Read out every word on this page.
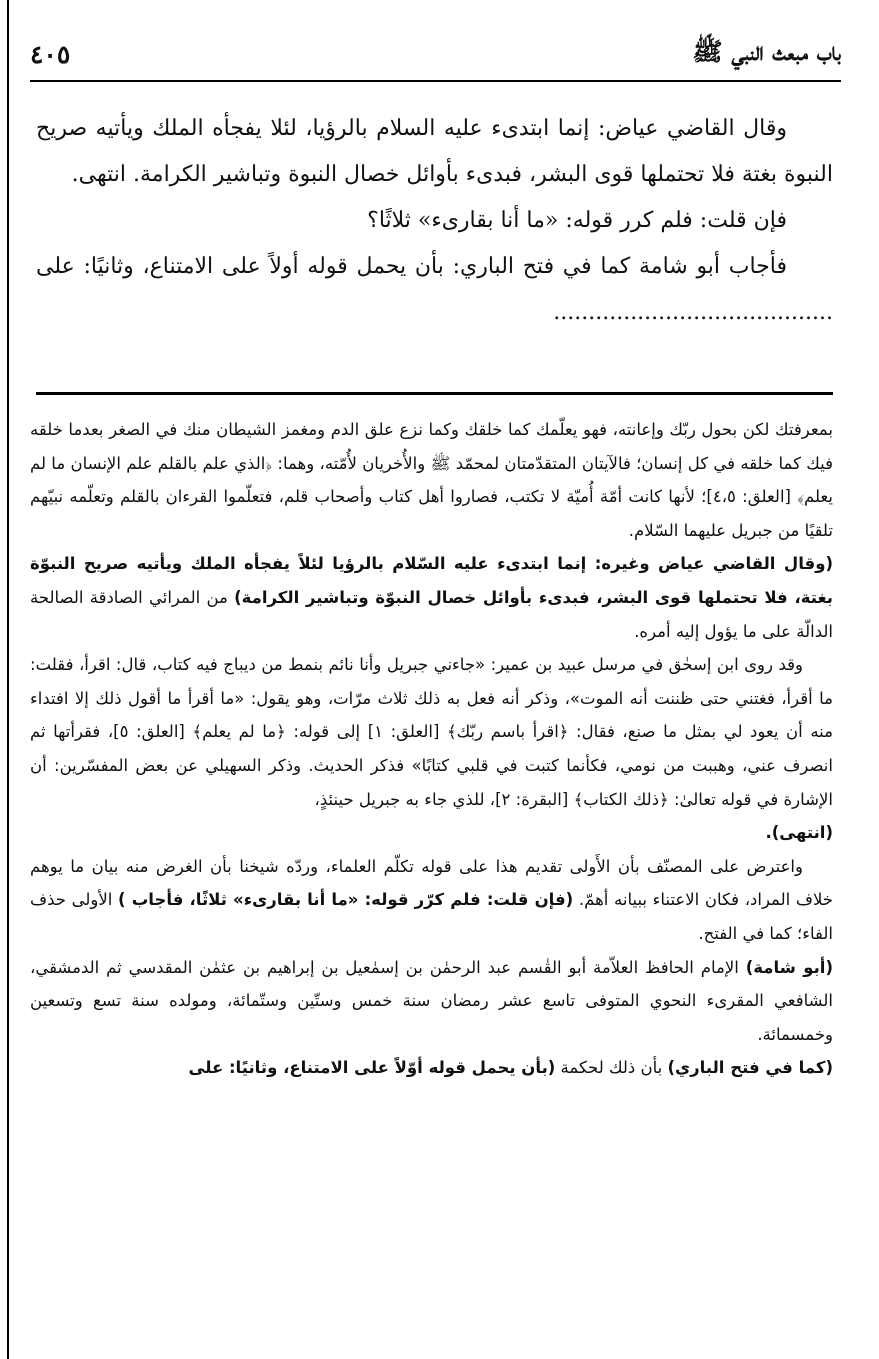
باب مبعث النبي ﷺ
٤٠٥

وقال القاضي عياض: إنما ابتدىء عليه السلام بالرؤيا، لئلا يفجأه الملك ويأتيه صريح النبوة بغتة فلا تحتملها قوى البشر، فبدىء بأوائل خصال النبوة وتباشير الكرامة. انتهى.

فإن قلت: فلم كرر قوله: «ما أنا بقارىء» ثلاثًا؟

فأجاب أبو شامة كما في فتح الباري: بأن يحمل قوله أولاً على الامتناع، وثانيًا: على ........................................

بمعرفتك لكن بحول ربّك وإعانته، فهو يعلّمك كما خلقك وكما نزع علق الدم ومغمز الشيطان منك في الصغر بعدما خلقه فيك كما خلقه في كل إنسان؛ فالآيتان المتقدّمتان لمحمّد ﷺ والأُخريان لأُمّته، وهما: ﴿الذي علم بالقلم علم الإنسان ما لم يعلم﴾ [العلق: ٤،٥]؛ لأنها كانت أمّة أُميّة لا تكتب، فصاروا أهل كتاب وأصحاب قلم، فتعلّموا القرءان بالقلم وتعلّمه نبيّهم تلقيًا من جبريل عليهما السّلام.

(وقال القاضي عياض وغيره: إنما ابتدىء عليه السّلام بالرؤيا لئلاً يفجأه الملك ويأتيه صريح النبوّة بغتة، فلا تحتملها قوى البشر، فبدىء بأوائل خصال النبوّة وتباشير الكرامة) من المرائي الصادقة الصالحة الدالّة على ما يؤول إليه أمره.

وقد روى ابن إسحٰق في مرسل عبيد بن عمير: «جاءني جبريل وأنا نائم بنمط من ديباج فيه كتاب، قال: اقرأ، فقلت: ما أقرأ، فغتني حتى ظننت أنه الموت»، وذكر أنه فعل به ذلك ثلاث مرّات، وهو يقول: «ما أقرأ ما أقول ذلك إلا افتداء منه أن يعود لي بمثل ما صنع، فقال: ﴿اقرأ باسم ربّك﴾ [العلق: ١] إلى قوله: ﴿ما لم يعلم﴾ [العلق: ٥]، فقرأتها ثم انصرف عني، وهببت من نومي، فكأنما كتبت في قلبي كتابًا» فذكر الحديث. وذكر السهيلي عن بعض المفسّرين: أن الإشارة في قوله تعالىٰ: ﴿ذلك الكتاب﴾ [البقرة: ٢]، للذي جاء به جبريل حينئذٍ،
(انتهى).

واعترض على المصنّف بأن الأَولى تقديم هذا على قوله تكلّم العلماء، وردّه شيخنا بأن الغرض منه بيان ما يوهم خلاف المراد، فكان الاعتناء ببيانه أهمّ. (فإن قلت: فلم كرّر قوله: «ما أنا بقارىء» ثلاثًا، فأجاب ) الأولى حذف الفاء؛ كما في الفتح.

(أبو شامة) الإمام الحافظ العلاّمة أبو القٰسم عبد الرحمٰن بن إسمٰعيل بن إبراهيم بن عثمٰن المقدسي ثم الدمشقي، الشافعي المقرىء النحوي المتوفى تاسع عشر رمضان سنة خمس وستّين وستّمائة، ومولده سنة تسع وتسعين وخمسمائة.

(كما في فتح الباري) بأن ذلك لحكمة (بأن يحمل قوله أوّلاً على الامتناع، وثانيًا: على
